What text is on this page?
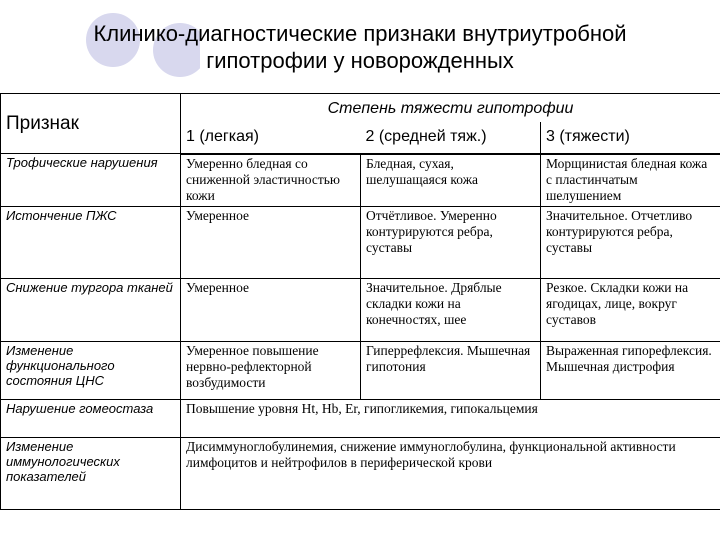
Клинико-диагностические признаки внутриутробной гипотрофии у новорожденных
Признак	Степень тяжести гипотрофии		
	1 (легкая)	2 (средней тяж.)	3 (тяжести)
Трофические нарушения	Умеренно бледная со сниженной эластичностью кожи	Бледная, сухая, шелушащаяся кожа	Морщинистая бледная кожа с пластинчатым шелушением
Истончение ПЖС	Умеренное	Отчётливое. Умеренно контурируются ребра, суставы	Значительное. Отчетливо контурируются ребра, суставы
Снижение тургора тканей	Умеренное	Значительное. Дряблые складки кожи на конечностях, шее	Резкое. Складки кожи на ягодицах, лице, вокруг суставов
Изменение функционального состояния ЦНС	Умеренное повышение нервно-рефлекторной возбудимости	Гиперрефлексия. Мышечная гипотония	Выраженная гипорефлексия. Мышечная дистрофия
Нарушение гомеостаза	Повышение уровня Ht, Hb, Er, гипогликемия, гипокальцемия		
Изменение иммунологических показателей	Дисиммуноглобулинемия, снижение иммуноглобулина, функциональной активности лимфоцитов и нейтрофилов в периферической крови		
